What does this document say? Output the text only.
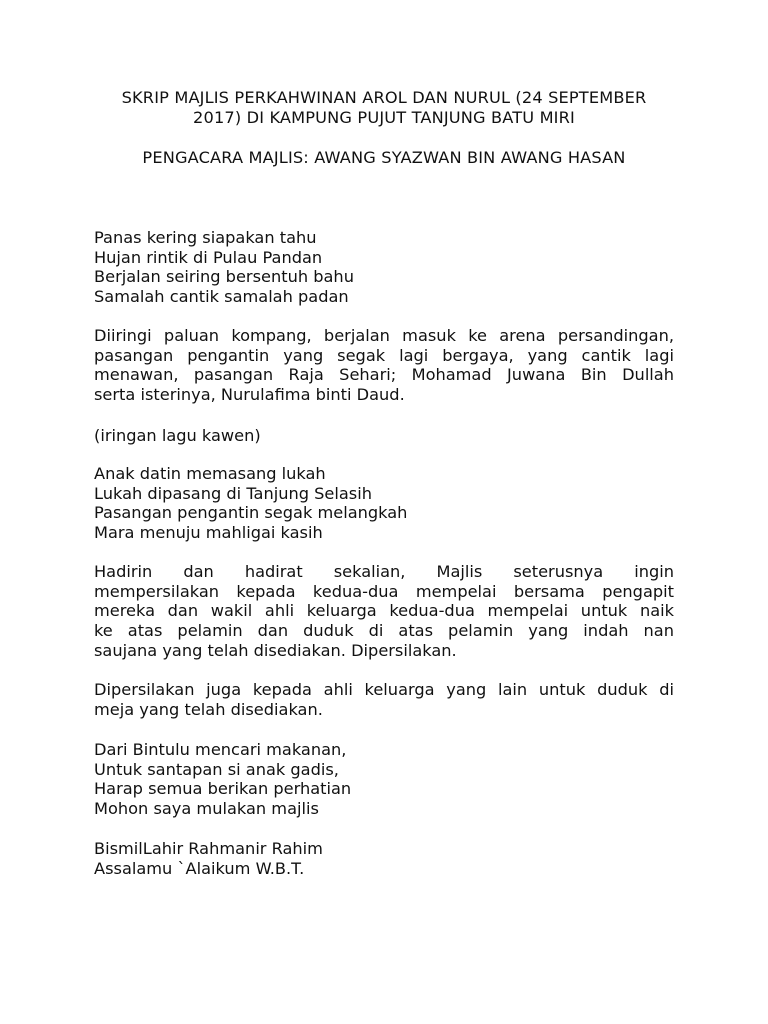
SKRIP MAJLIS PERKAHWINAN AROL DAN NURUL (24 SEPTEMBER
2017) DI KAMPUNG PUJUT TANJUNG BATU MIRI

PENGACARA MAJLIS: AWANG SYAZWAN BIN AWANG HASAN

Panas kering siapakan tahu
Hujan rintik di Pulau Pandan
Berjalan seiring bersentuh bahu
Samalah cantik samalah padan
Diiringi paluan kompang, berjalan masuk ke arena persandingan,
pasangan pengantin yang segak lagi bergaya, yang cantik lagi
menawan, pasangan Raja Sehari; Mohamad Juwana Bin Dullah
serta isterinya, Nurulafima binti Daud.
(iringan lagu kawen)
Anak datin memasang lukah
Lukah dipasang di Tanjung Selasih
Pasangan pengantin segak melangkah
Mara menuju mahligai kasih
Hadirin dan hadirat sekalian, Majlis seterusnya ingin
mempersilakan kepada kedua-dua mempelai bersama pengapit
mereka dan wakil ahli keluarga kedua-dua mempelai untuk naik
ke atas pelamin dan duduk di atas pelamin yang indah nan
saujana yang telah disediakan. Dipersilakan.
Dipersilakan juga kepada ahli keluarga yang lain untuk duduk di
meja yang telah disediakan.
Dari Bintulu mencari makanan,
Untuk santapan si anak gadis,
Harap semua berikan perhatian
Mohon saya mulakan majlis
BismilLahir Rahmanir Rahim
Assalamu `Alaikum W.B.T.
